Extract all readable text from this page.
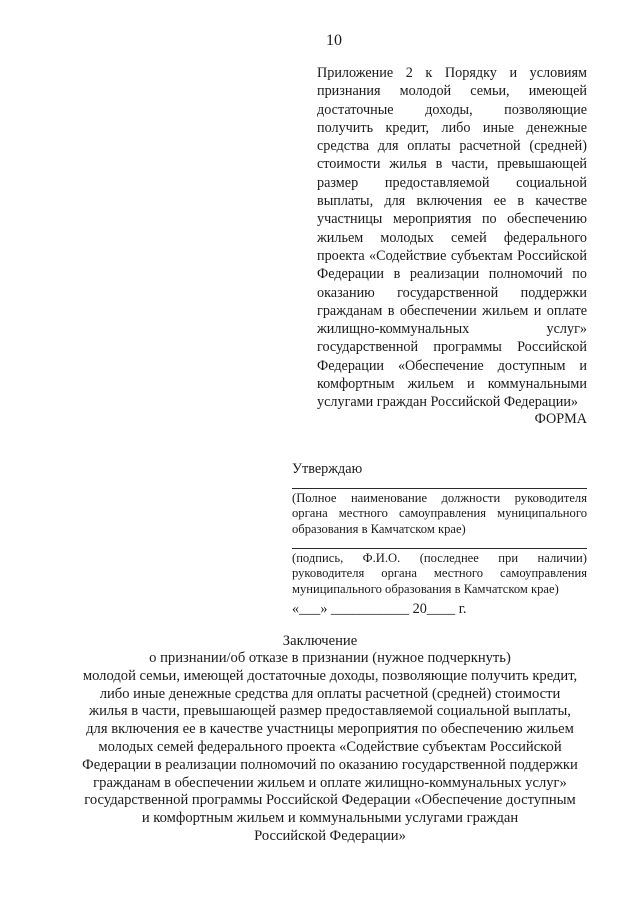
10
Приложение 2 к Порядку и условиям признания молодой семьи, имеющей достаточные доходы, позволяющие получить кредит, либо иные денежные средства для оплаты расчетной (средней) стоимости жилья в части, превышающей размер предоставляемой социальной выплаты, для включения ее в качестве участницы мероприятия по обеспечению жильем молодых семей федерального проекта «Содействие субъектам Российской Федерации в реализации полномочий по оказанию государственной поддержки гражданам в обеспечении жильем и оплате жилищно-коммунальных услуг» государственной программы Российской Федерации «Обеспечение доступным и комфортным жильем и коммунальными услугами граждан Российской Федерации»
ФОРМА
Утверждаю
(Полное наименование должности руководителя органа местного самоуправления муниципального образования в Камчатском крае)
(подпись, Ф.И.О. (последнее при наличии) руководителя органа местного самоуправления муниципального образования в Камчатском крае)
«___» ___________ 20____ г.
Заключение
о признании/об отказе в признании (нужное подчеркнуть)
молодой семьи, имеющей достаточные доходы, позволяющие получить кредит,
либо иные денежные средства для оплаты расчетной (средней) стоимости
жилья в части, превышающей размер предоставляемой социальной выплаты,
для включения ее в качестве участницы мероприятия по обеспечению жильем
молодых семей федерального проекта «Содействие субъектам Российской
Федерации в реализации полномочий по оказанию государственной поддержки
гражданам в обеспечении жильем и оплате жилищно-коммунальных услуг»
государственной программы Российской Федерации «Обеспечение доступным
и комфортным жильем и коммунальными услугами граждан
Российской Федерации»
